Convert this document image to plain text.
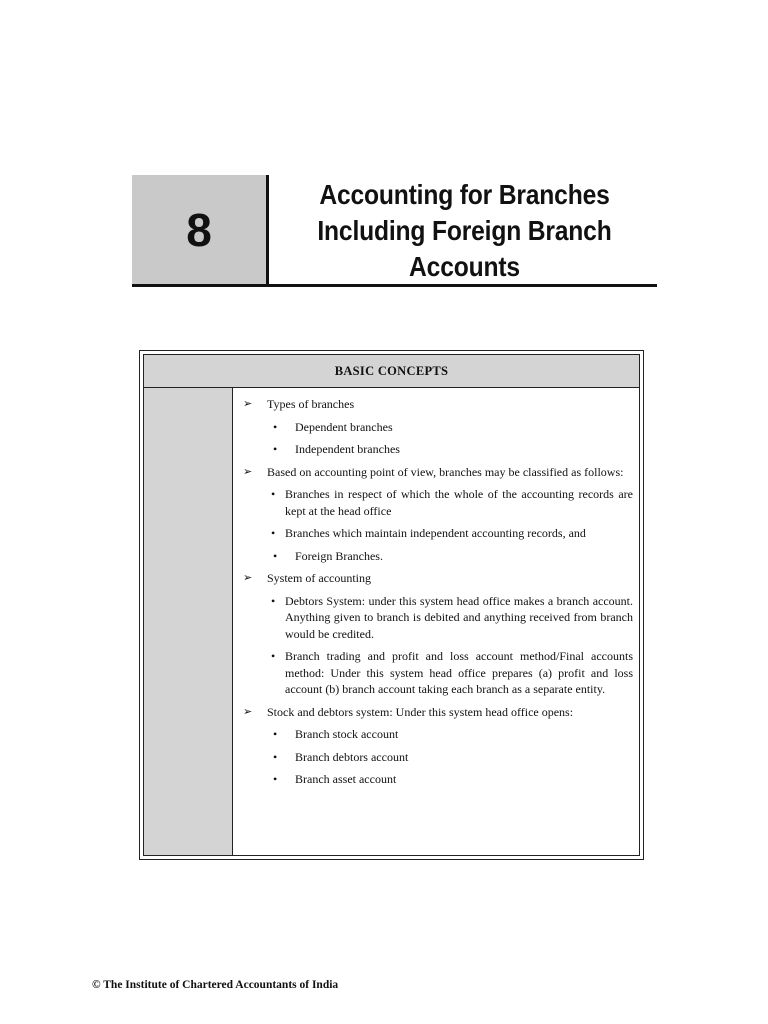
8
Accounting for Branches
Including Foreign Branch
Accounts
BASIC CONCEPTS
➢ Types of branches
• Dependent branches
• Independent branches
➢ Based on accounting point of view, branches may be classified as follows:
• Branches in respect of which the whole of the accounting records are kept at the head office
• Branches which maintain independent accounting records, and
• Foreign Branches.
➢ System of accounting
• Debtors System: under this system head office makes a branch account. Anything given to branch is debited and anything received from branch would be credited.
• Branch trading and profit and loss account method/Final accounts method: Under this system head office prepares (a) profit and loss account (b) branch account taking each branch as a separate entity.
➢ Stock and debtors system: Under this system head office opens:
• Branch stock account
• Branch debtors account
• Branch asset account
© The Institute of Chartered Accountants of India
